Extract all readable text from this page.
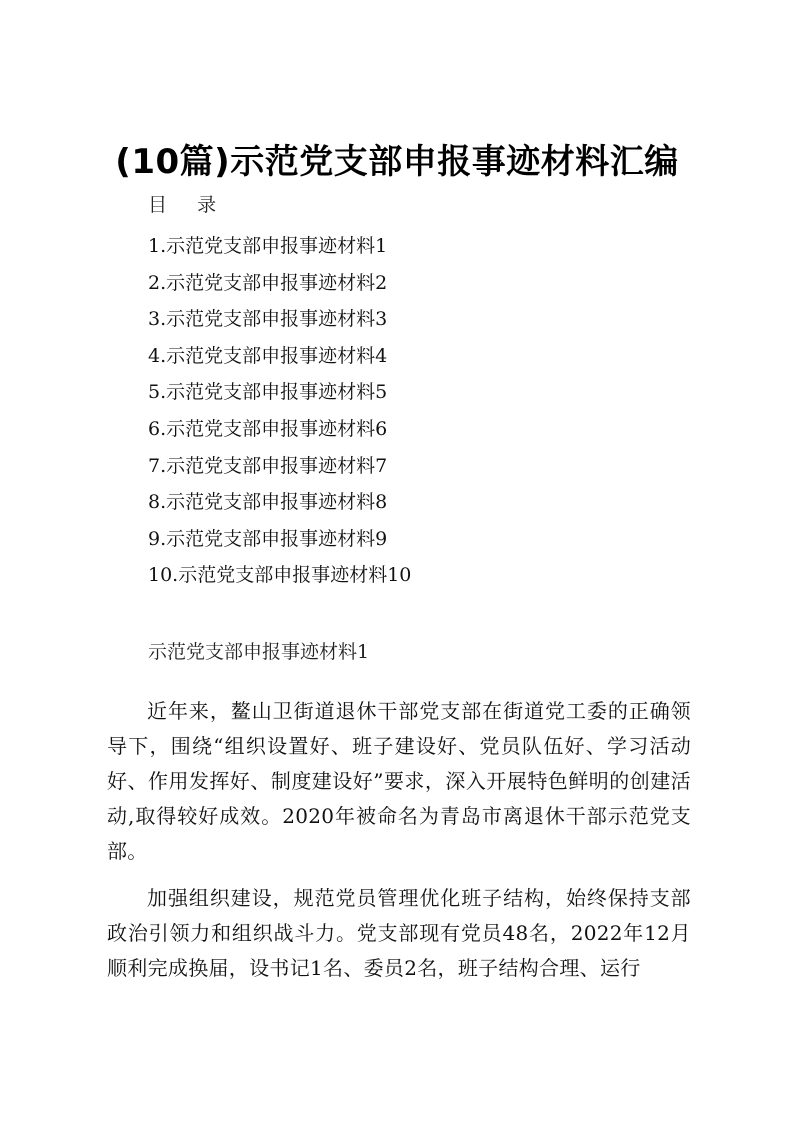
(10篇)示范党支部申报事迹材料汇编
目  录
1.示范党支部申报事迹材料1
2.示范党支部申报事迹材料2
3.示范党支部申报事迹材料3
4.示范党支部申报事迹材料4
5.示范党支部申报事迹材料5
6.示范党支部申报事迹材料6
7.示范党支部申报事迹材料7
8.示范党支部申报事迹材料8
9.示范党支部申报事迹材料9
10.示范党支部申报事迹材料10
示范党支部申报事迹材料1

近年来，鳌山卫街道退休干部党支部在街道党工委的正确领导下，围绕“组织设置好、班子建设好、党员队伍好、学习活动好、作用发挥好、制度建设好”要求，深入开展特色鲜明的创建活动,取得较好成效。2020年被命名为青岛市离退休干部示范党支部。

加强组织建设，规范党员管理优化班子结构，始终保持支部政治引领力和组织战斗力。党支部现有党员48名，2022年12月顺利完成换届，设书记1名、委员2名，班子结构合理、运行
